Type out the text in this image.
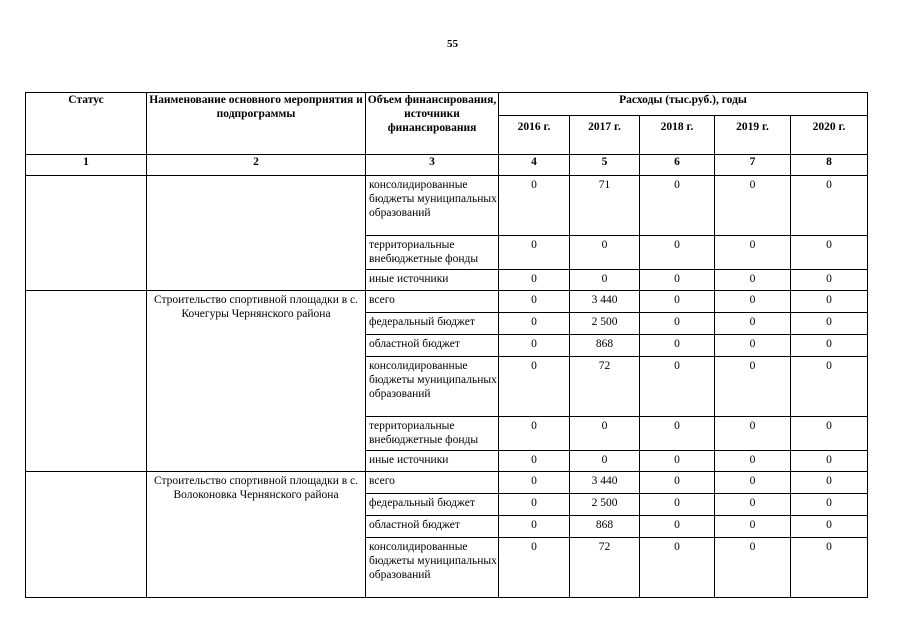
55
Статус	Наименование основного мероприятия и подпрограммы	Объем финансирования, источники финансирования	Расходы (тыс.руб.), годы				
			2016 г.	2017 г.	2018 г.	2019 г.	2020 г.
1	2	3	4	5	6	7	8
		консолидированные бюджеты муниципальных образований	0	71	0	0	0
		территориальные внебюджетные фонды	0	0	0	0	0
		иные источники	0	0	0	0	0
	Строительство спортивной площадки в с. Кочегуры Чернянского района	всего	0	3 440	0	0	0
		федеральный бюджет	0	2 500	0	0	0
		областной бюджет	0	868	0	0	0
		консолидированные бюджеты муниципальных образований	0	72	0	0	0
		территориальные внебюджетные фонды	0	0	0	0	0
		иные источники	0	0	0	0	0
	Строительство спортивной площадки в с. Волоконовка Чернянского района	всего	0	3 440	0	0	0
		федеральный бюджет	0	2 500	0	0	0
		областной бюджет	0	868	0	0	0
		консолидированные бюджеты муниципальных образований	0	72	0	0	0
